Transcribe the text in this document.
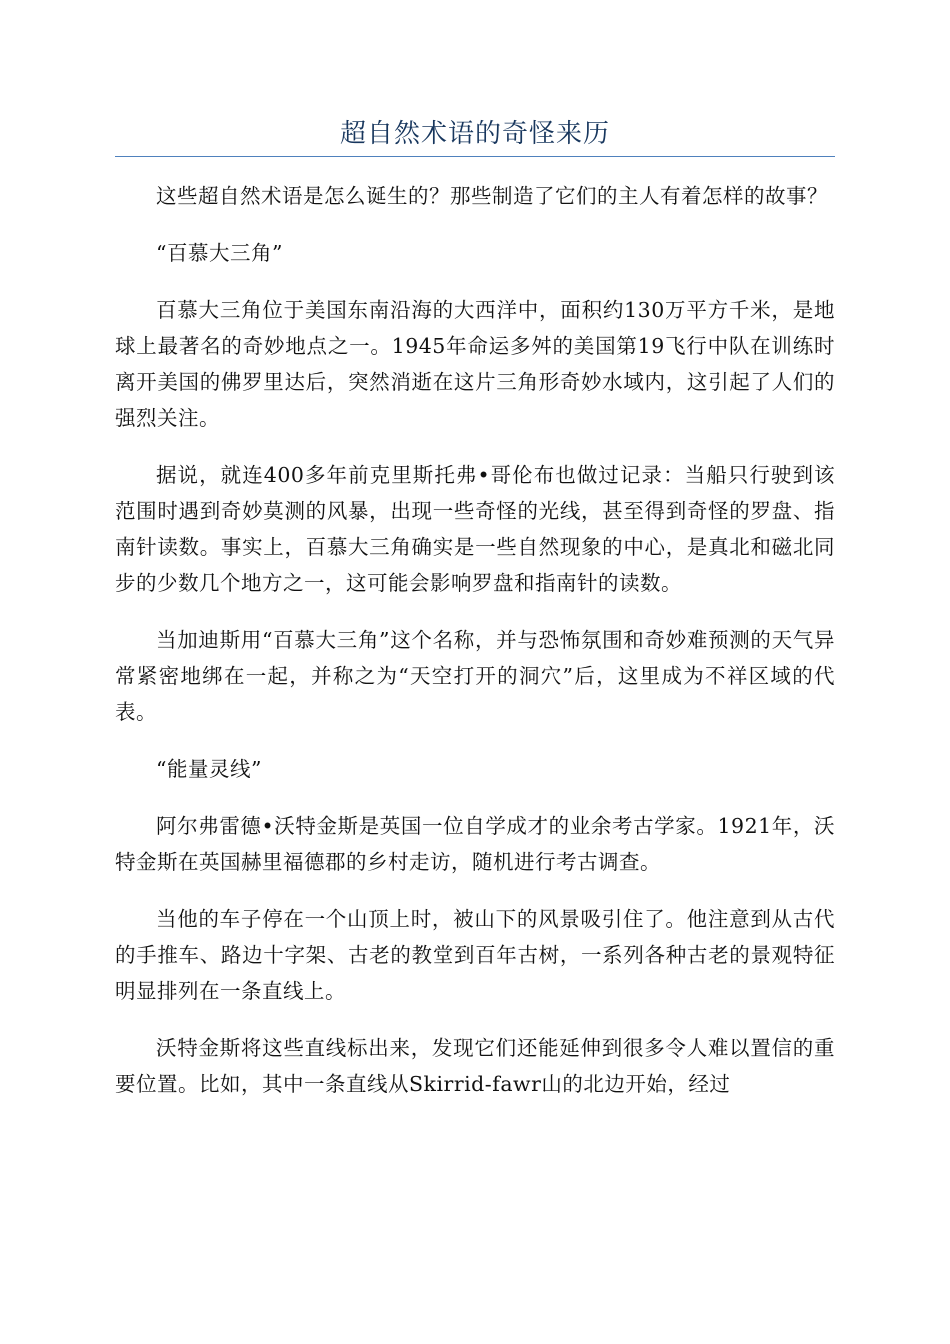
超自然术语的奇怪来历

这些超自然术语是怎么诞生的？那些制造了它们的主人有着怎样的故事？

“百慕大三角”

百慕大三角位于美国东南沿海的大西洋中，面积约130万平方千米，是地球上最著名的奇妙地点之一。1945年命运多舛的美国第19飞行中队在训练时离开美国的佛罗里达后，突然消逝在这片三角形奇妙水域内，这引起了人们的强烈关注。

据说，就连400多年前克里斯托弗•哥伦布也做过记录：当船只行驶到该范围时遇到奇妙莫测的风暴，出现一些奇怪的光线，甚至得到奇怪的罗盘、指南针读数。事实上，百慕大三角确实是一些自然现象的中心，是真北和磁北同步的少数几个地方之一，这可能会影响罗盘和指南针的读数。

当加迪斯用“百慕大三角”这个名称，并与恐怖氛围和奇妙难预测的天气异常紧密地绑在一起，并称之为“天空打开的洞穴”后，这里成为不祥区域的代表。

“能量灵线”

阿尔弗雷德•沃特金斯是英国一位自学成才的业余考古学家。1921年，沃特金斯在英国赫里福德郡的乡村走访，随机进行考古调查。

当他的车子停在一个山顶上时，被山下的风景吸引住了。他注意到从古代的手推车、路边十字架、古老的教堂到百年古树，一系列各种古老的景观特征明显排列在一条直线上。

沃特金斯将这些直线标出来，发现它们还能延伸到很多令人难以置信的重要位置。比如，其中一条直线从Skirrid-fawr山的北边开始，经过
